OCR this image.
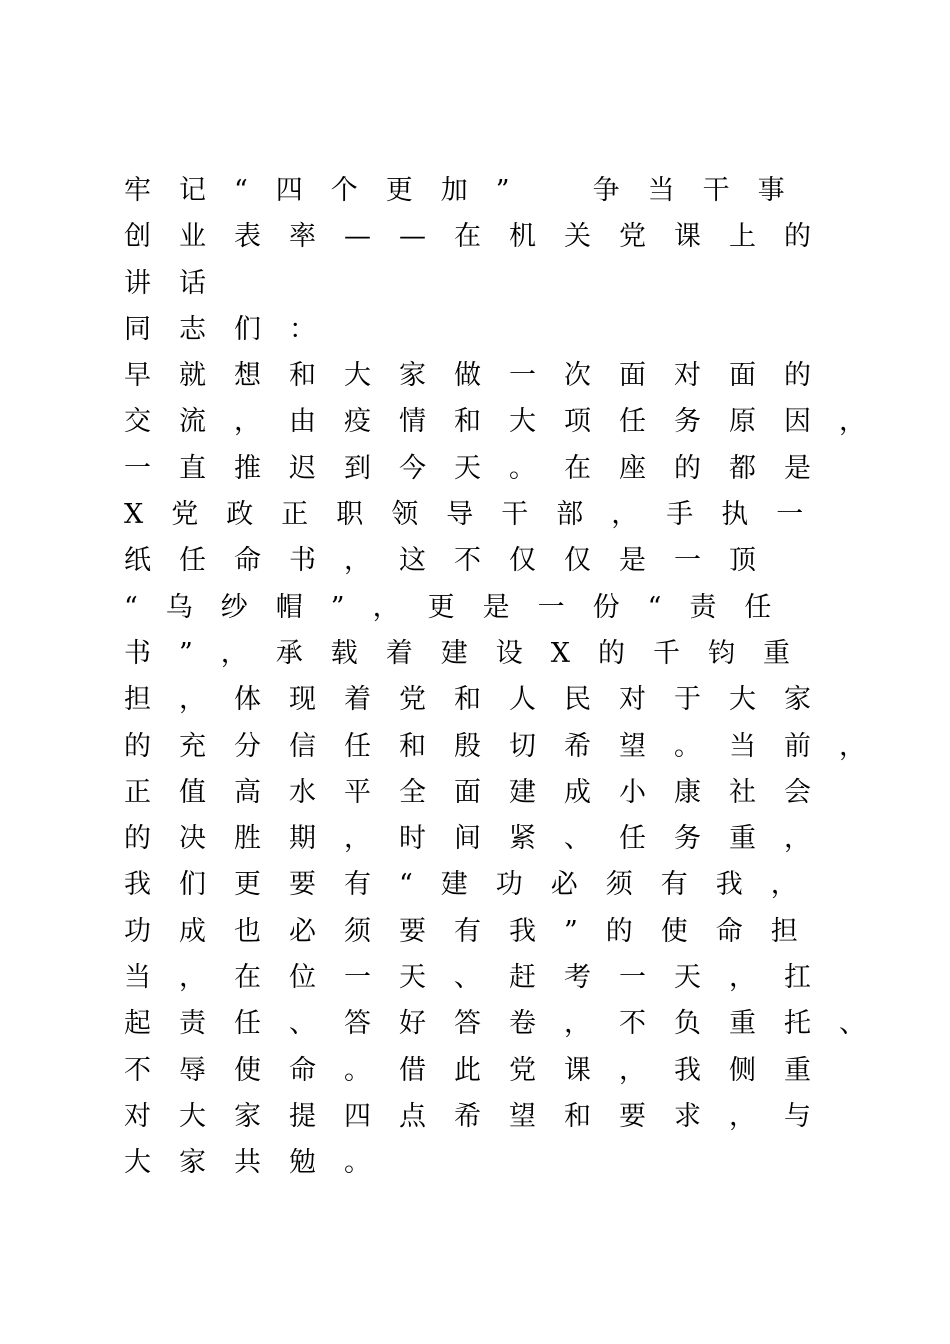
牢记“四个更加”　争当干事
创业表率——在机关党课上的
讲话
同志们：
早就想和大家做一次面对面的
交流，由疫情和大项任务原因，
一直推迟到今天。在座的都是
X党政正职领导干部，手执一
纸任命书，这不仅仅是一顶
“乌纱帽”，更是一份“责任
书”，承载着建设X的千钧重
担，体现着党和人民对于大家
的充分信任和殷切希望。当前，
正值高水平全面建成小康社会
的决胜期，时间紧、任务重，
我们更要有“建功必须有我，
功成也必须要有我”的使命担
当，在位一天、赶考一天，扛
起责任、答好答卷，不负重托、
不辱使命。借此党课，我侧重
对大家提四点希望和要求，与
大家共勉。
